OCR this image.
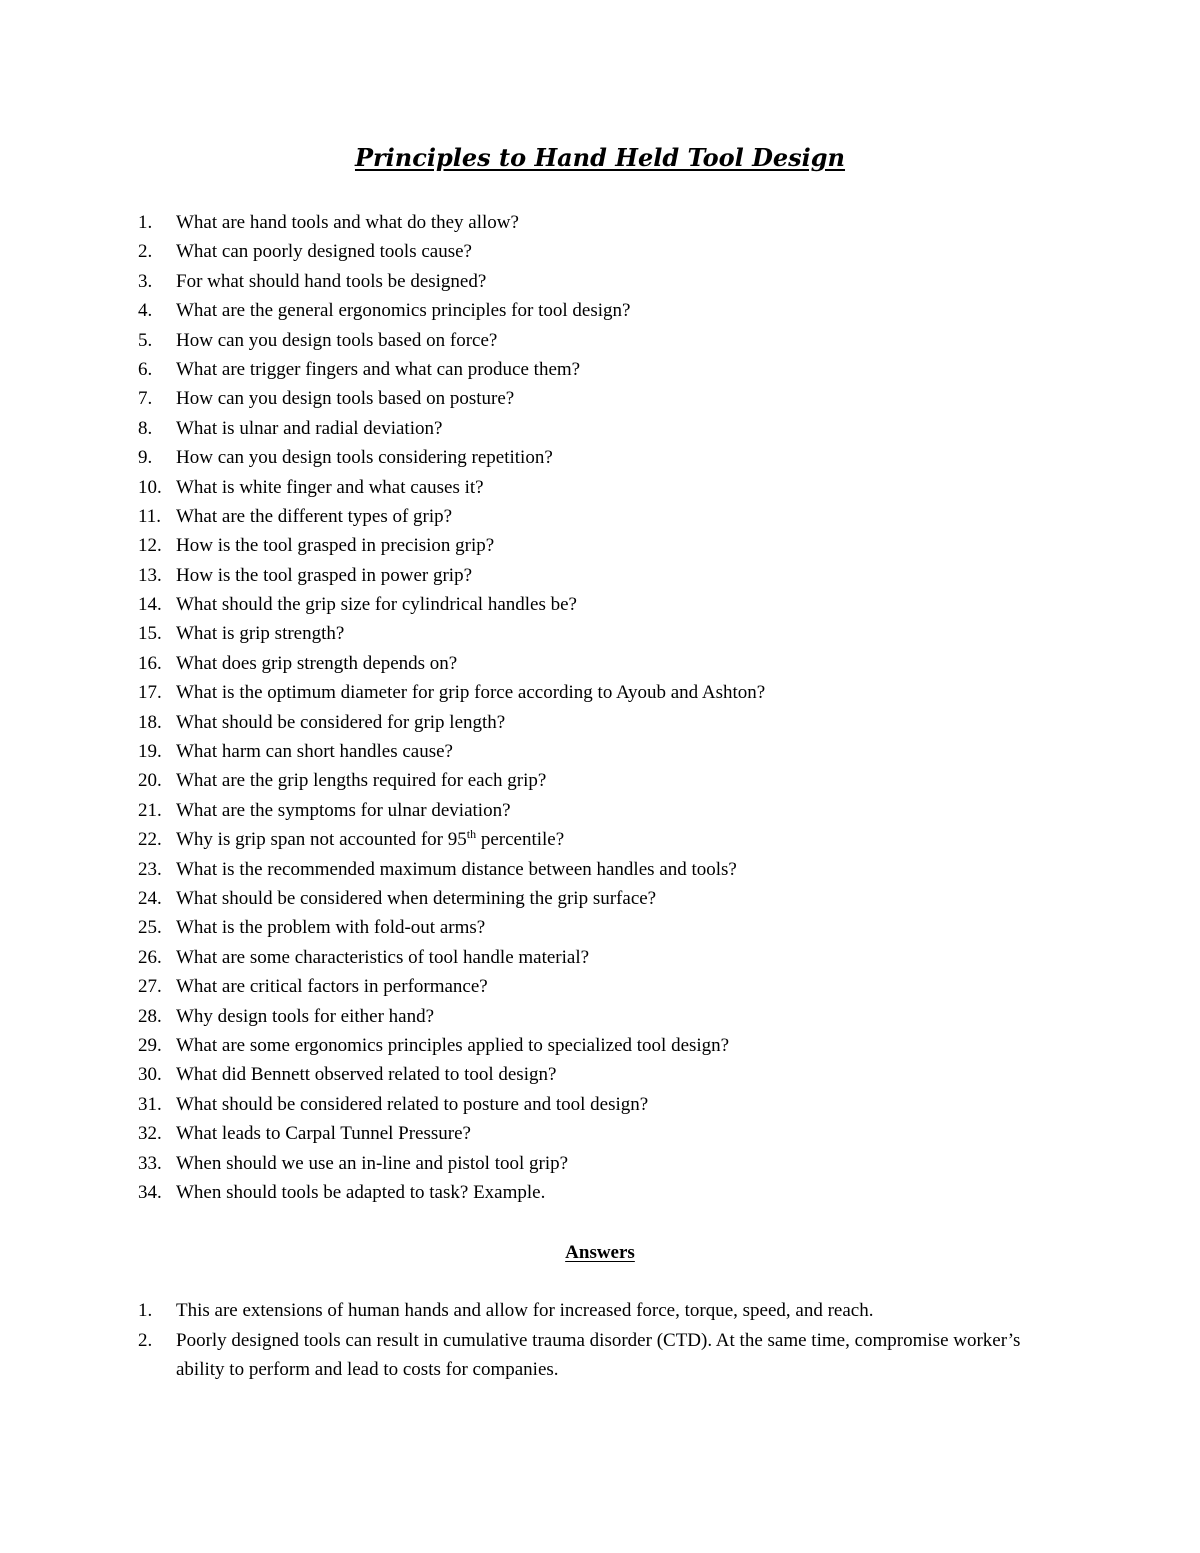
Principles to Hand Held Tool Design
1. What are hand tools and what do they allow?
2. What can poorly designed tools cause?
3. For what should hand tools be designed?
4. What are the general ergonomics principles for tool design?
5. How can you design tools based on force?
6. What are trigger fingers and what can produce them?
7. How can you design tools based on posture?
8. What is ulnar and radial deviation?
9. How can you design tools considering repetition?
10. What is white finger and what causes it?
11. What are the different types of grip?
12. How is the tool grasped in precision grip?
13. How is the tool grasped in power grip?
14. What should the grip size for cylindrical handles be?
15. What is grip strength?
16. What does grip strength depends on?
17. What is the optimum diameter for grip force according to Ayoub and Ashton?
18. What should be considered for grip length?
19. What harm can short handles cause?
20. What are the grip lengths required for each grip?
21. What are the symptoms for ulnar deviation?
22. Why is grip span not accounted for 95th percentile?
23. What is the recommended maximum distance between handles and tools?
24. What should be considered when determining the grip surface?
25. What is the problem with fold-out arms?
26. What are some characteristics of tool handle material?
27. What are critical factors in performance?
28. Why design tools for either hand?
29. What are some ergonomics principles applied to specialized tool design?
30. What did Bennett observed related to tool design?
31. What should be considered related to posture and tool design?
32. What leads to Carpal Tunnel Pressure?
33. When should we use an in-line and pistol tool grip?
34. When should tools be adapted to task? Example.
Answers
1.	This are extensions of human hands and allow for increased force, torque, speed, and reach.
2.	Poorly designed tools can result in cumulative trauma disorder (CTD). At the same time, compromise worker’s ability to perform and lead to costs for companies.
